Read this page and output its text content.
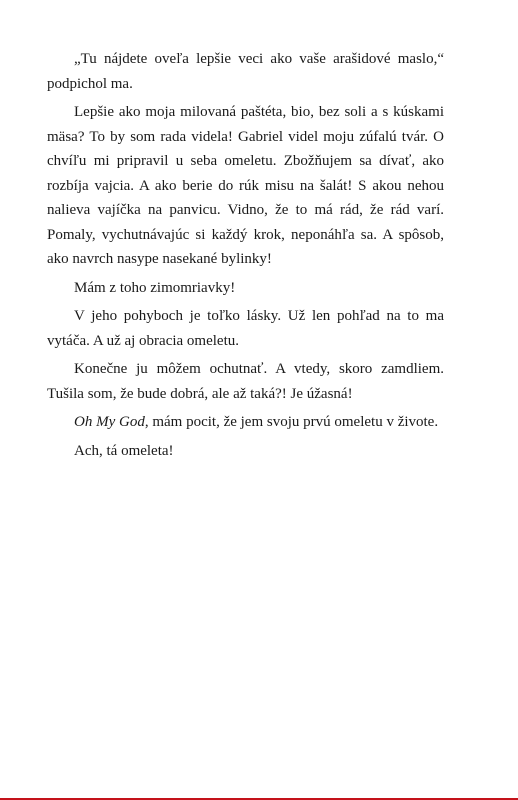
„Tu nájdete oveľa lepšie veci ako vaše arašidové maslo,“ podpichol ma.

Lepšie ako moja milovaná paštéta, bio, bez soli a s kúskami mäsa? To by som rada videla! Gabriel videl moju zúfalú tvár. O chvíľu mi pripravil u seba omeletu. Zbožňujem sa dívať, ako rozbíja vajcia. A ako berie do rúk misu na šalát! S akou nehou nalieva vajíčka na panvicu. Vidno, že to má rád, že rád varí. Pomaly, vychutnávajúc si každý krok, neponáhľa sa. A spôsob, ako navrch nasype nasekané bylinky!

Mám z toho zimomriavky!

V jeho pohyboch je toľko lásky. Už len pohľad na to ma vytáča. A už aj obracia omeletu.

Konečne ju môžem ochutnať. A vtedy, skoro zamdliem. Tušila som, že bude dobrá, ale až taká?! Je úžasná!

Oh My God, mám pocit, že jem svoju prvú omeletu v živote.

Ach, tá omeleta!
